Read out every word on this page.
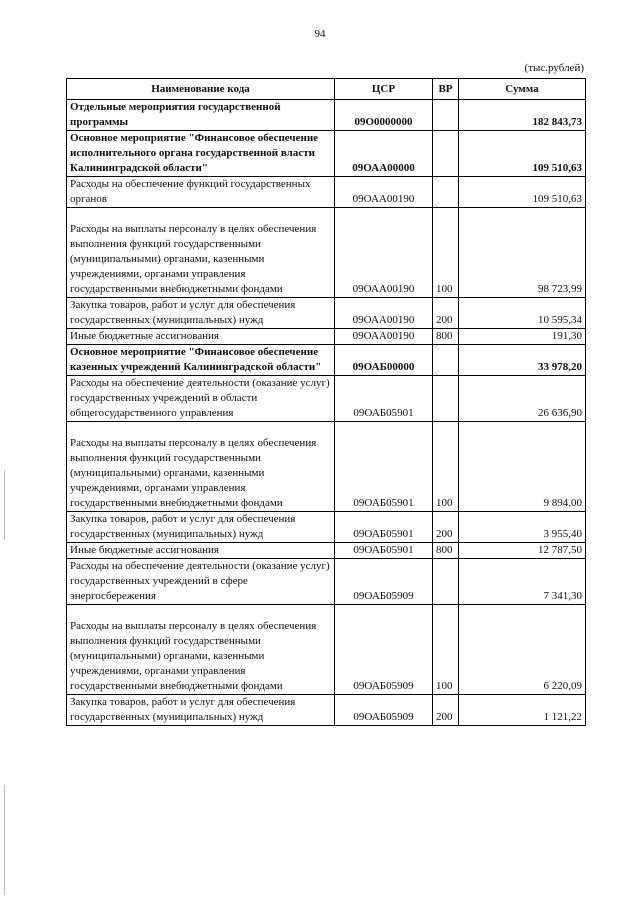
94
(тыс.рублей)
Наименование кода	ЦСР	ВР	Сумма
Отдельные мероприятия государственной программы	09О0000000		182 843,73
Основное мероприятие "Финансовое обеспечение исполнительного органа государственной власти Калининградской области"	09ОАА00000		109 510,63
Расходы на обеспечение функций государственных органов	09ОАА00190		109 510,63
Расходы на выплаты персоналу в целях обеспечения выполнения функций государственными (муниципальными) органами, казенными учреждениями, органами управления государственными внебюджетными фондами	09ОАА00190	100	98 723,99
Закупка товаров, работ и услуг для обеспечения государственных (муниципальных) нужд	09ОАА00190	200	10 595,34
Иные бюджетные ассигнования	09ОАА00190	800	191,30
Основное мероприятие "Финансовое обеспечение казенных учреждений Калининградской области"	09ОАБ00000		33 978,20
Расходы на обеспечение деятельности (оказание услуг) государственных учреждений в области общегосударственного управления	09ОАБ05901		26 636,90
Расходы на выплаты персоналу в целях обеспечения выполнения функций государственными (муниципальными) органами, казенными учреждениями, органами управления государственными внебюджетными фондами	09ОАБ05901	100	9 894,00
Закупка товаров, работ и услуг для обеспечения государственных (муниципальных) нужд	09ОАБ05901	200	3 955,40
Иные бюджетные ассигнования	09ОАБ05901	800	12 787,50
Расходы на обеспечение деятельности (оказание услуг) государственных учреждений в сфере энергосбережения	09ОАБ05909		7 341,30
Расходы на выплаты персоналу в целях обеспечения выполнения функций государственными (муниципальными) органами, казенными учреждениями, органами управления государственными внебюджетными фондами	09ОАБ05909	100	6 220,09
Закупка товаров, работ и услуг для обеспечения государственных (муниципальных) нужд	09ОАБ05909	200	1 121,22
